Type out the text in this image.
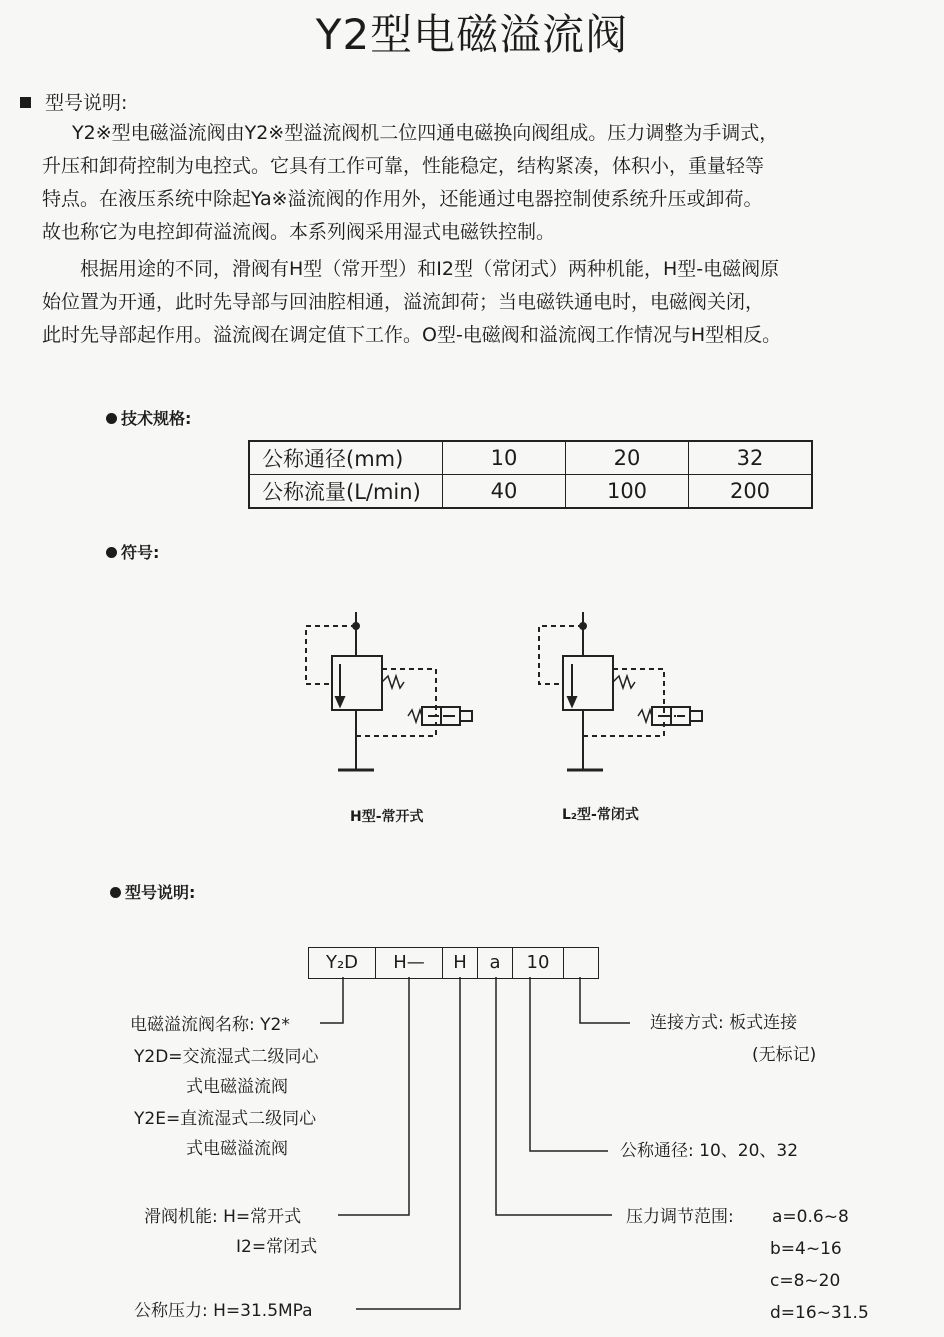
Y2型电磁溢流阀
型号说明:
Y2※型电磁溢流阀由Y2※型溢流阀机二位四通电磁换向阀组成。压力调整为手调式，
升压和卸荷控制为电控式。它具有工作可靠，性能稳定，结构紧凑，体积小，重量轻等
特点。在液压系统中除起Ya※溢流阀的作用外，还能通过电器控制使系统升压或卸荷。
故也称它为电控卸荷溢流阀。本系列阀采用湿式电磁铁控制。
根据用途的不同，滑阀有H型（常开型）和I2型（常闭式）两种机能，H型-电磁阀原
始位置为开通，此时先导部与回油腔相通，溢流卸荷；当电磁铁通电时，电磁阀关闭，
此时先导部起作用。溢流阀在调定值下工作。O型-电磁阀和溢流阀工作情况与H型相反。
技术规格:
公称通径(mm)	10	20	32
公称流量(L/min)	40	100	200
符号:
H型-常开式	L₂型-常闭式
型号说明:
Y₂D	H—	H	a	10
电磁溢流阀名称: Y2*
Y2D=交流湿式二级同心
式电磁溢流阀
Y2E=直流湿式二级同心
式电磁溢流阀
滑阀机能: H=常开式
I2=常闭式
公称压力: H=31.5MPa
连接方式: 板式连接
(无标记)
公称通径: 10、20、32
压力调节范围: a=0.6~8
b=4~16
c=8~20
d=16~31.5
